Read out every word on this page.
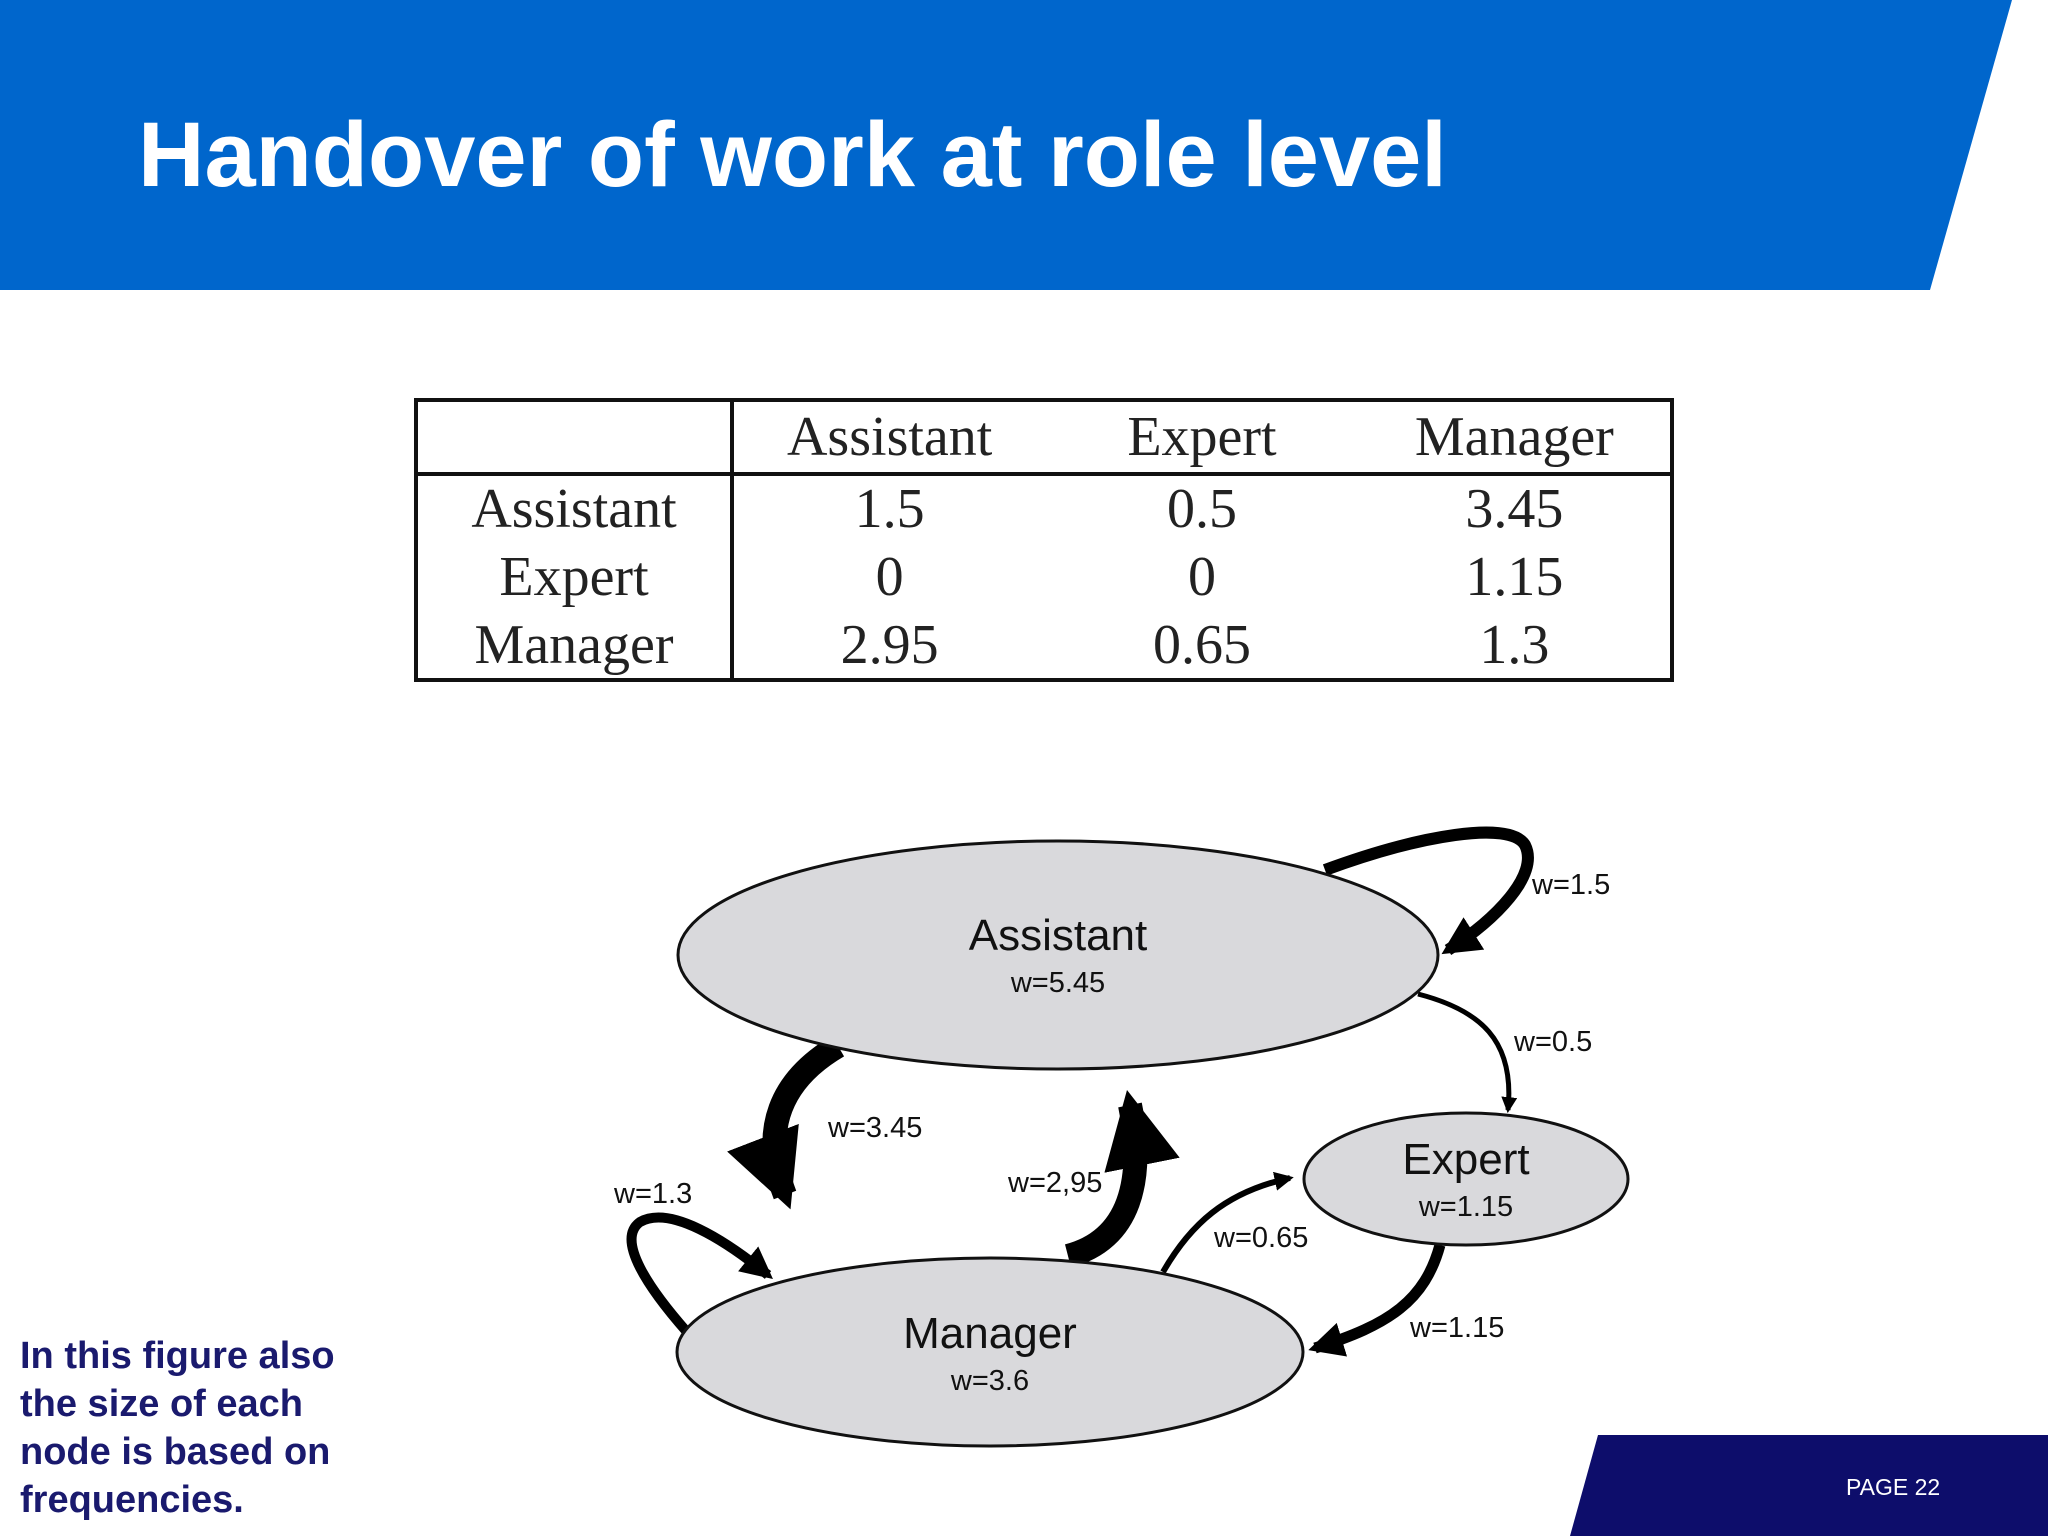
Handover of work at role level
	Assistant	Expert	Manager
Assistant	1.5	0.5	3.45
Expert	0	0	1.15
Manager	2.95	0.65	1.3
w=1.5
w=0.5
w=3.45
w=2,95
w=1.3
w=0.65
w=1.15
Assistant
w=5.45
Expert
w=1.15
Manager
w=3.6

In this figure also the size of each node is based on frequencies.	PAGE 22
